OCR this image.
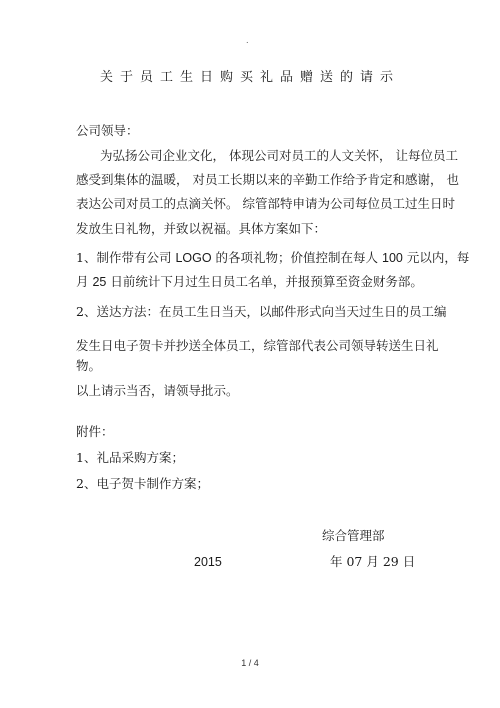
.
关于员工生日购买礼品赠送的请示
公司领导：
为弘扬公司企业文化， 体现公司对员工的人文关怀， 让每位员工
感受到集体的温暖， 对员工长期以来的辛勤工作给予肯定和感谢， 也
表达公司对员工的点滴关怀。 综管部特申请为公司每位员工过生日时
发放生日礼物，并致以祝福。具体方案如下：
1、制作带有公司 LOGO 的各项礼物；价值控制在每人 100 元以内，每
月 25 日前统计下月过生日员工名单，并报预算至资金财务部。
2、送达方法：在员工生日当天，以邮件形式向当天过生日的员工编
发生日电子贺卡并抄送全体员工，综管部代表公司领导转送生日礼
物。
以上请示当否，请领导批示。
附件：
1、礼品采购方案；
2、电子贺卡制作方案；
综合管理部
2015	年 07 月 29 日
1 / 4
